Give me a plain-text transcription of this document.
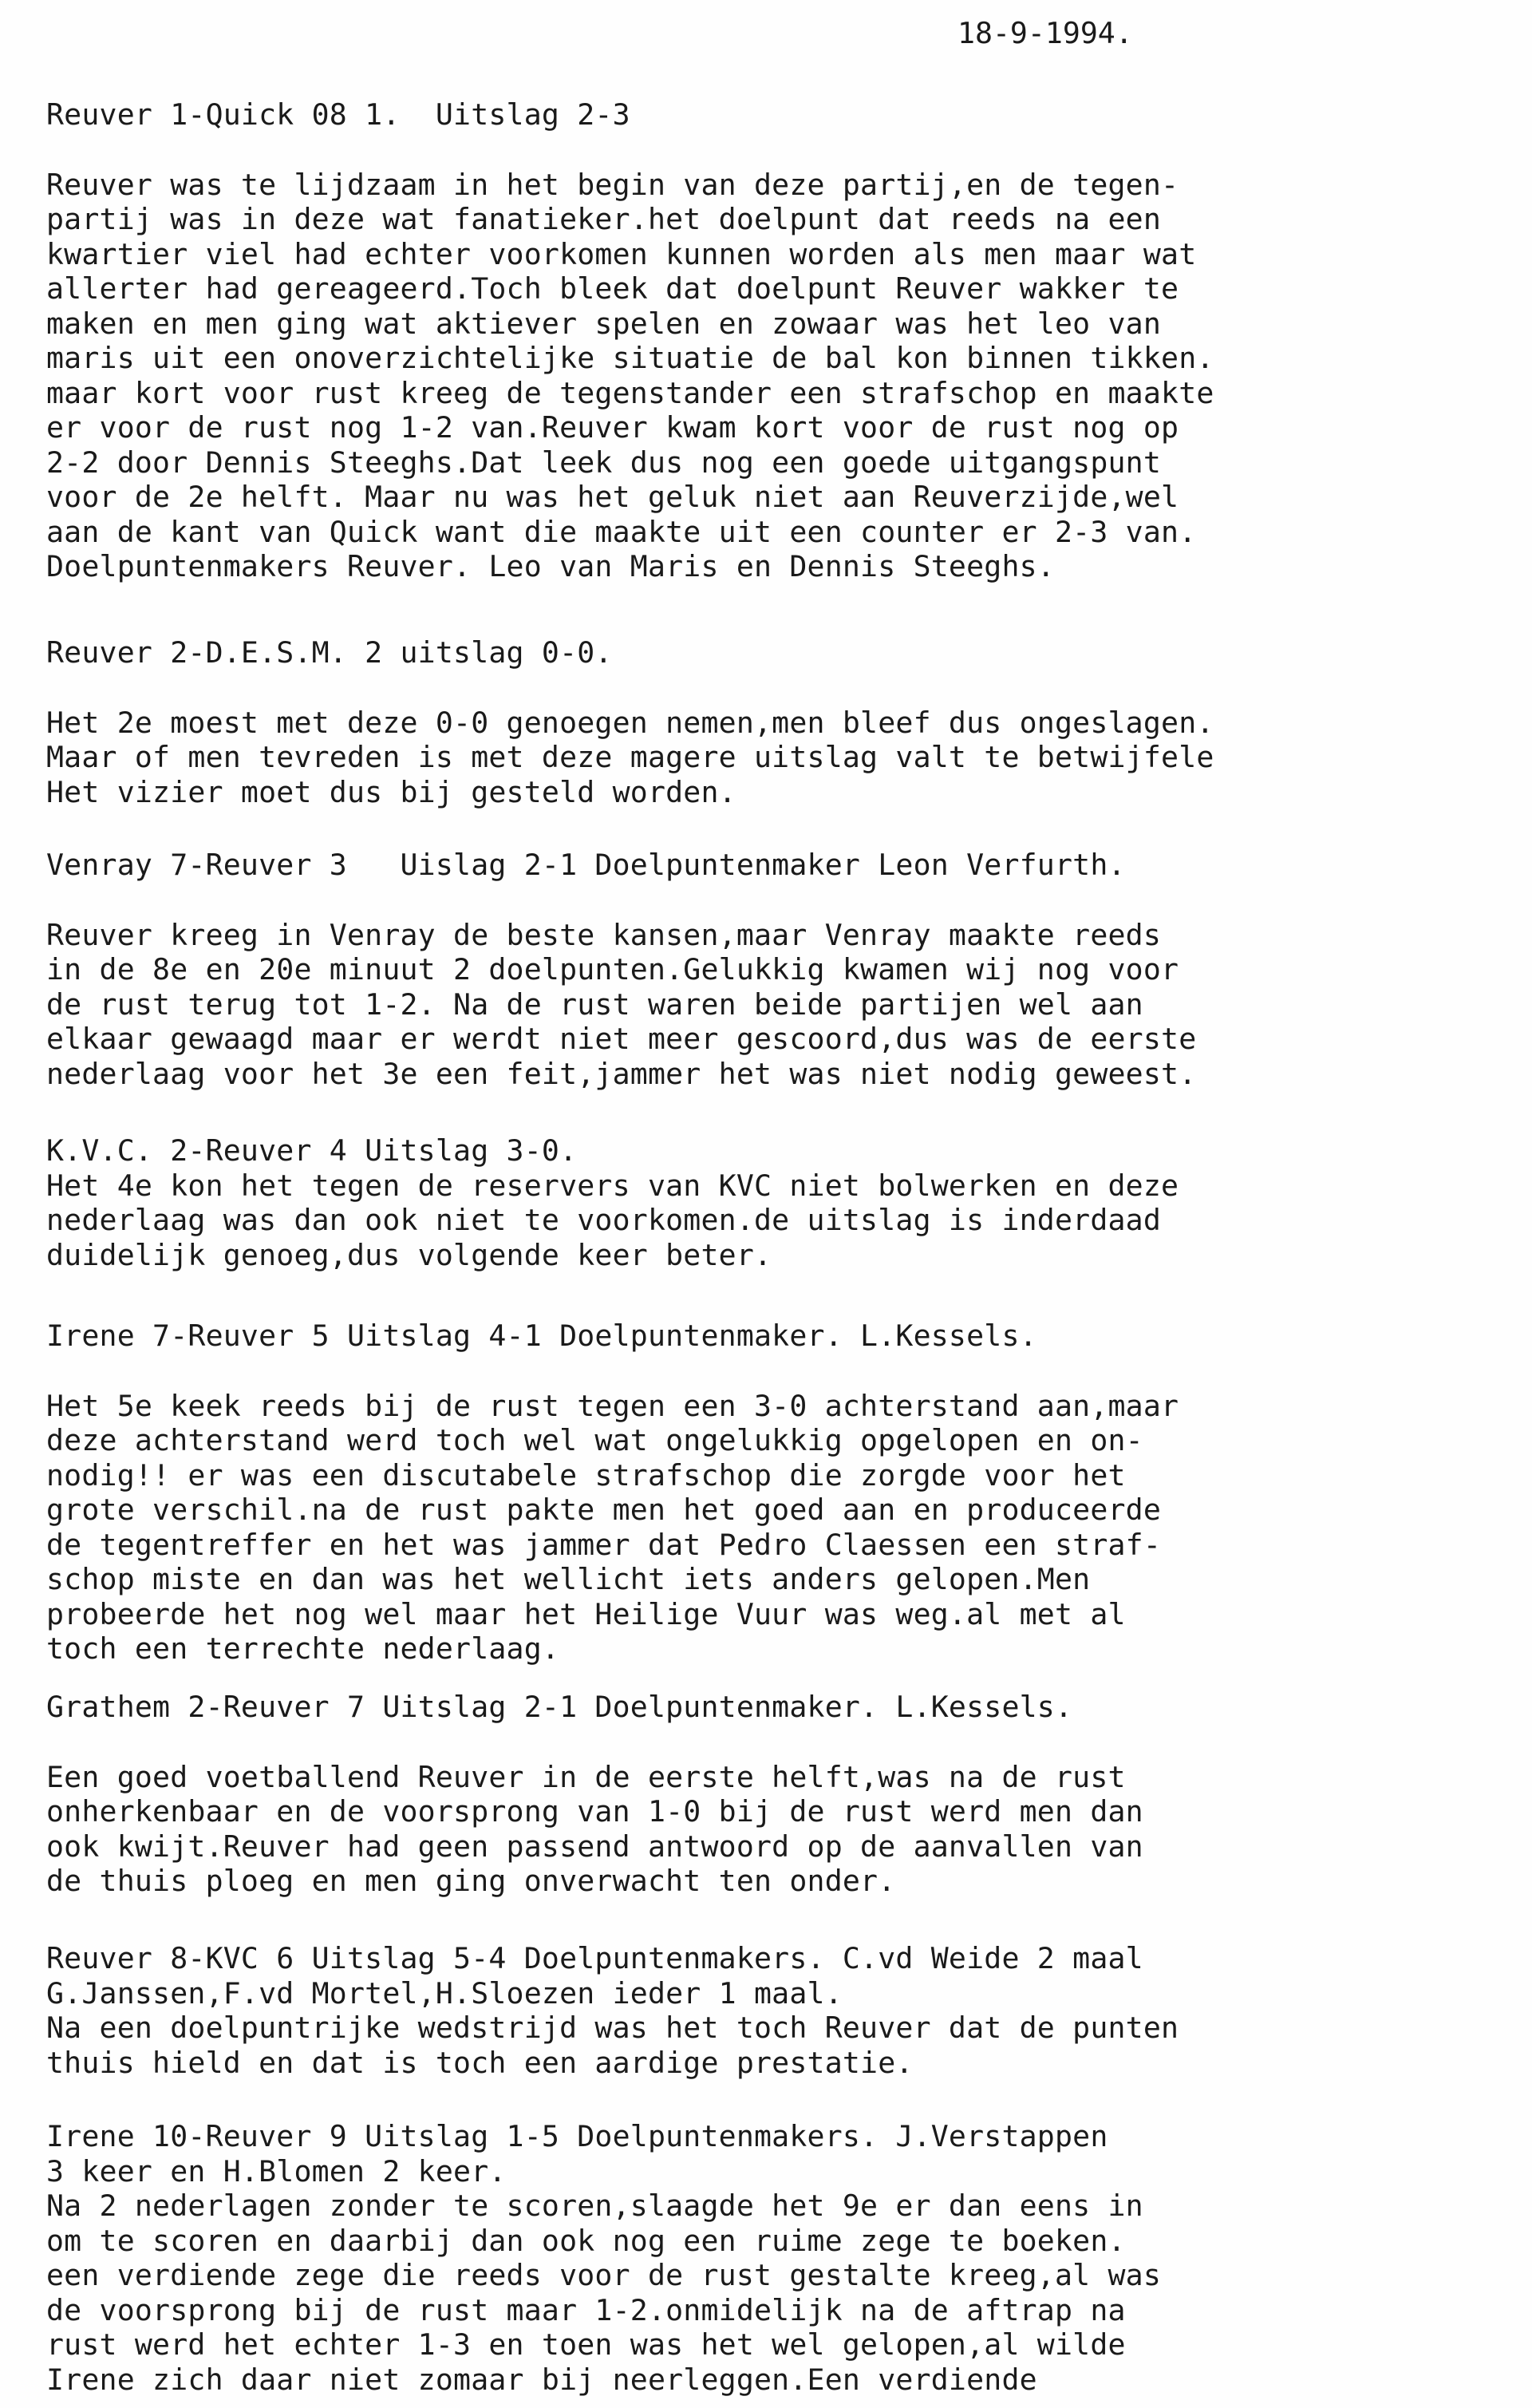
18-9-1994.
Reuver 1-Quick 08 1.  Uitslag 2-3
Reuver was te lijdzaam in het begin van deze partij,en de tegen-
partij was in deze wat fanatieker.het doelpunt dat reeds na een
kwartier viel had echter voorkomen kunnen worden als men maar wat
allerter had gereageerd.Toch bleek dat doelpunt Reuver wakker te
maken en men ging wat aktiever spelen en zowaar was het leo van
maris uit een onoverzichtelijke situatie de bal kon binnen tikken.
maar kort voor rust kreeg de tegenstander een strafschop en maakte
er voor de rust nog 1-2 van.Reuver kwam kort voor de rust nog op
2-2 door Dennis Steeghs.Dat leek dus nog een goede uitgangspunt
voor de 2e helft. Maar nu was het geluk niet aan Reuverzijde,wel
aan de kant van Quick want die maakte uit een counter er 2-3 van.
Doelpuntenmakers Reuver. Leo van Maris en Dennis Steeghs.
Reuver 2-D.E.S.M. 2 uitslag 0-0.
Het 2e moest met deze 0-0 genoegen nemen,men bleef dus ongeslagen.
Maar of men tevreden is met deze magere uitslag valt te betwijfele
Het vizier moet dus bij gesteld worden.
Venray 7-Reuver 3   Uislag 2-1 Doelpuntenmaker Leon Verfurth.
Reuver kreeg in Venray de beste kansen,maar Venray maakte reeds
in de 8e en 20e minuut 2 doelpunten.Gelukkig kwamen wij nog voor
de rust terug tot 1-2. Na de rust waren beide partijen wel aan
elkaar gewaagd maar er werdt niet meer gescoord,dus was de eerste
nederlaag voor het 3e een feit,jammer het was niet nodig geweest.
K.V.C. 2-Reuver 4 Uitslag 3-0.
Het 4e kon het tegen de reservers van KVC niet bolwerken en deze
nederlaag was dan ook niet te voorkomen.de uitslag is inderdaad
duidelijk genoeg,dus volgende keer beter.
Irene 7-Reuver 5 Uitslag 4-1 Doelpuntenmaker. L.Kessels.
Het 5e keek reeds bij de rust tegen een 3-0 achterstand aan,maar
deze achterstand werd toch wel wat ongelukkig opgelopen en on-
nodig!! er was een discutabele strafschop die zorgde voor het
grote verschil.na de rust pakte men het goed aan en produceerde
de tegentreffer en het was jammer dat Pedro Claessen een straf-
schop miste en dan was het wellicht iets anders gelopen.Men
probeerde het nog wel maar het Heilige Vuur was weg.al met al
toch een terrechte nederlaag.
Grathem 2-Reuver 7 Uitslag 2-1 Doelpuntenmaker. L.Kessels.
Een goed voetballend Reuver in de eerste helft,was na de rust
onherkenbaar en de voorsprong van 1-0 bij de rust werd men dan
ook kwijt.Reuver had geen passend antwoord op de aanvallen van
de thuis ploeg en men ging onverwacht ten onder.
Reuver 8-KVC 6 Uitslag 5-4 Doelpuntenmakers. C.vd Weide 2 maal
G.Janssen,F.vd Mortel,H.Sloezen ieder 1 maal.
Na een doelpuntrijke wedstrijd was het toch Reuver dat de punten
thuis hield en dat is toch een aardige prestatie.
Irene 10-Reuver 9 Uitslag 1-5 Doelpuntenmakers. J.Verstappen
3 keer en H.Blomen 2 keer.
Na 2 nederlagen zonder te scoren,slaagde het 9e er dan eens in
om te scoren en daarbij dan ook nog een ruime zege te boeken.
een verdiende zege die reeds voor de rust gestalte kreeg,al was
de voorsprong bij de rust maar 1-2.onmidelijk na de aftrap na
rust werd het echter 1-3 en toen was het wel gelopen,al wilde
Irene zich daar niet zomaar bij neerleggen.Een verdiende
